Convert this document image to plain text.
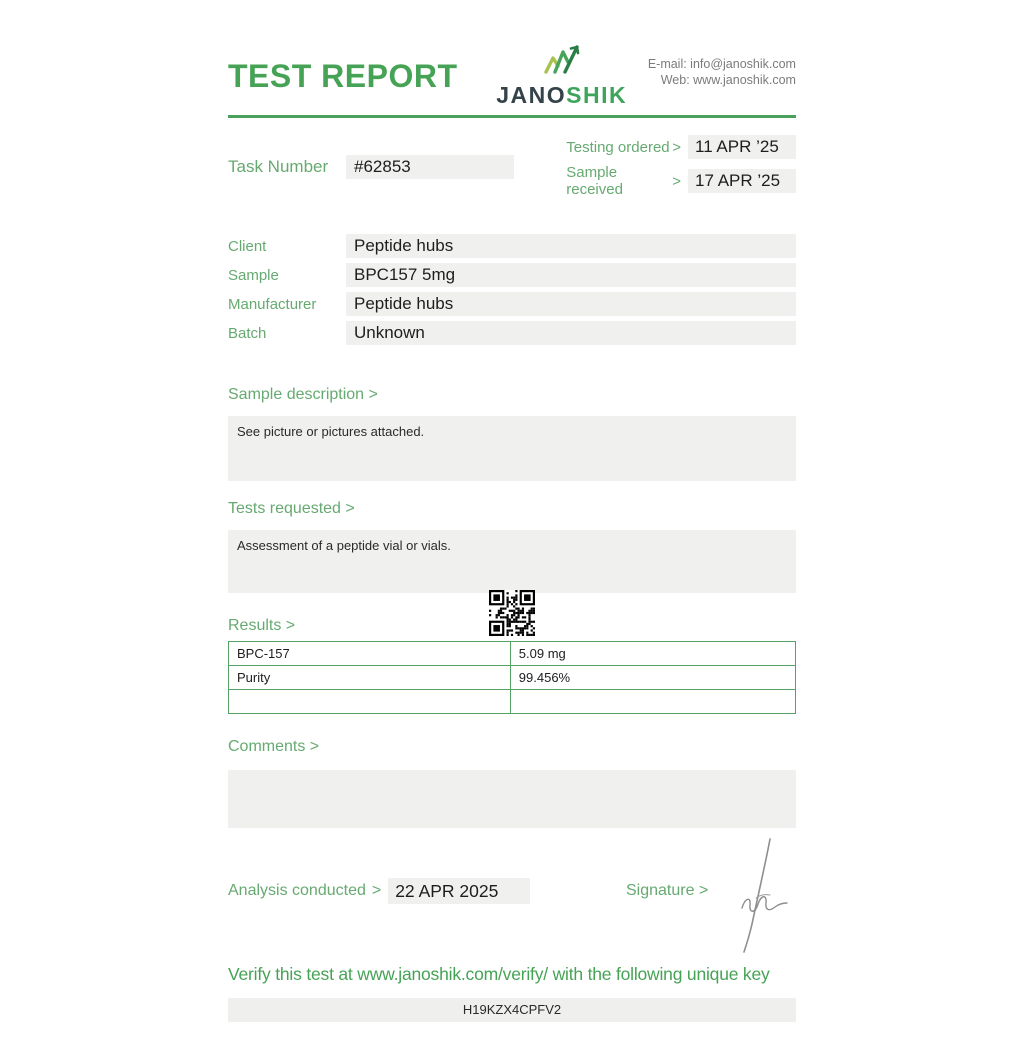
TEST REPORT
JANOSHIK
E-mail: info@janoshik.com
Web: www.janoshik.com
Task Number	#62853
Testing ordered > 11 APR ’25
Sample received	> 17 APR ’25
Client	Peptide hubs
Sample	BPC157 5mg
Manufacturer	Peptide hubs
Batch	Unknown
Sample description >
See picture or pictures attached.
Tests requested >
Assessment of a peptide vial or vials.
Results >
BPC-157	5.09 mg
Purity	99.456%

Comments >
Analysis conducted > 22 APR 2025	Signature >
Verify this test at www.janoshik.com/verify/ with the following unique key
H19KZX4CPFV2
